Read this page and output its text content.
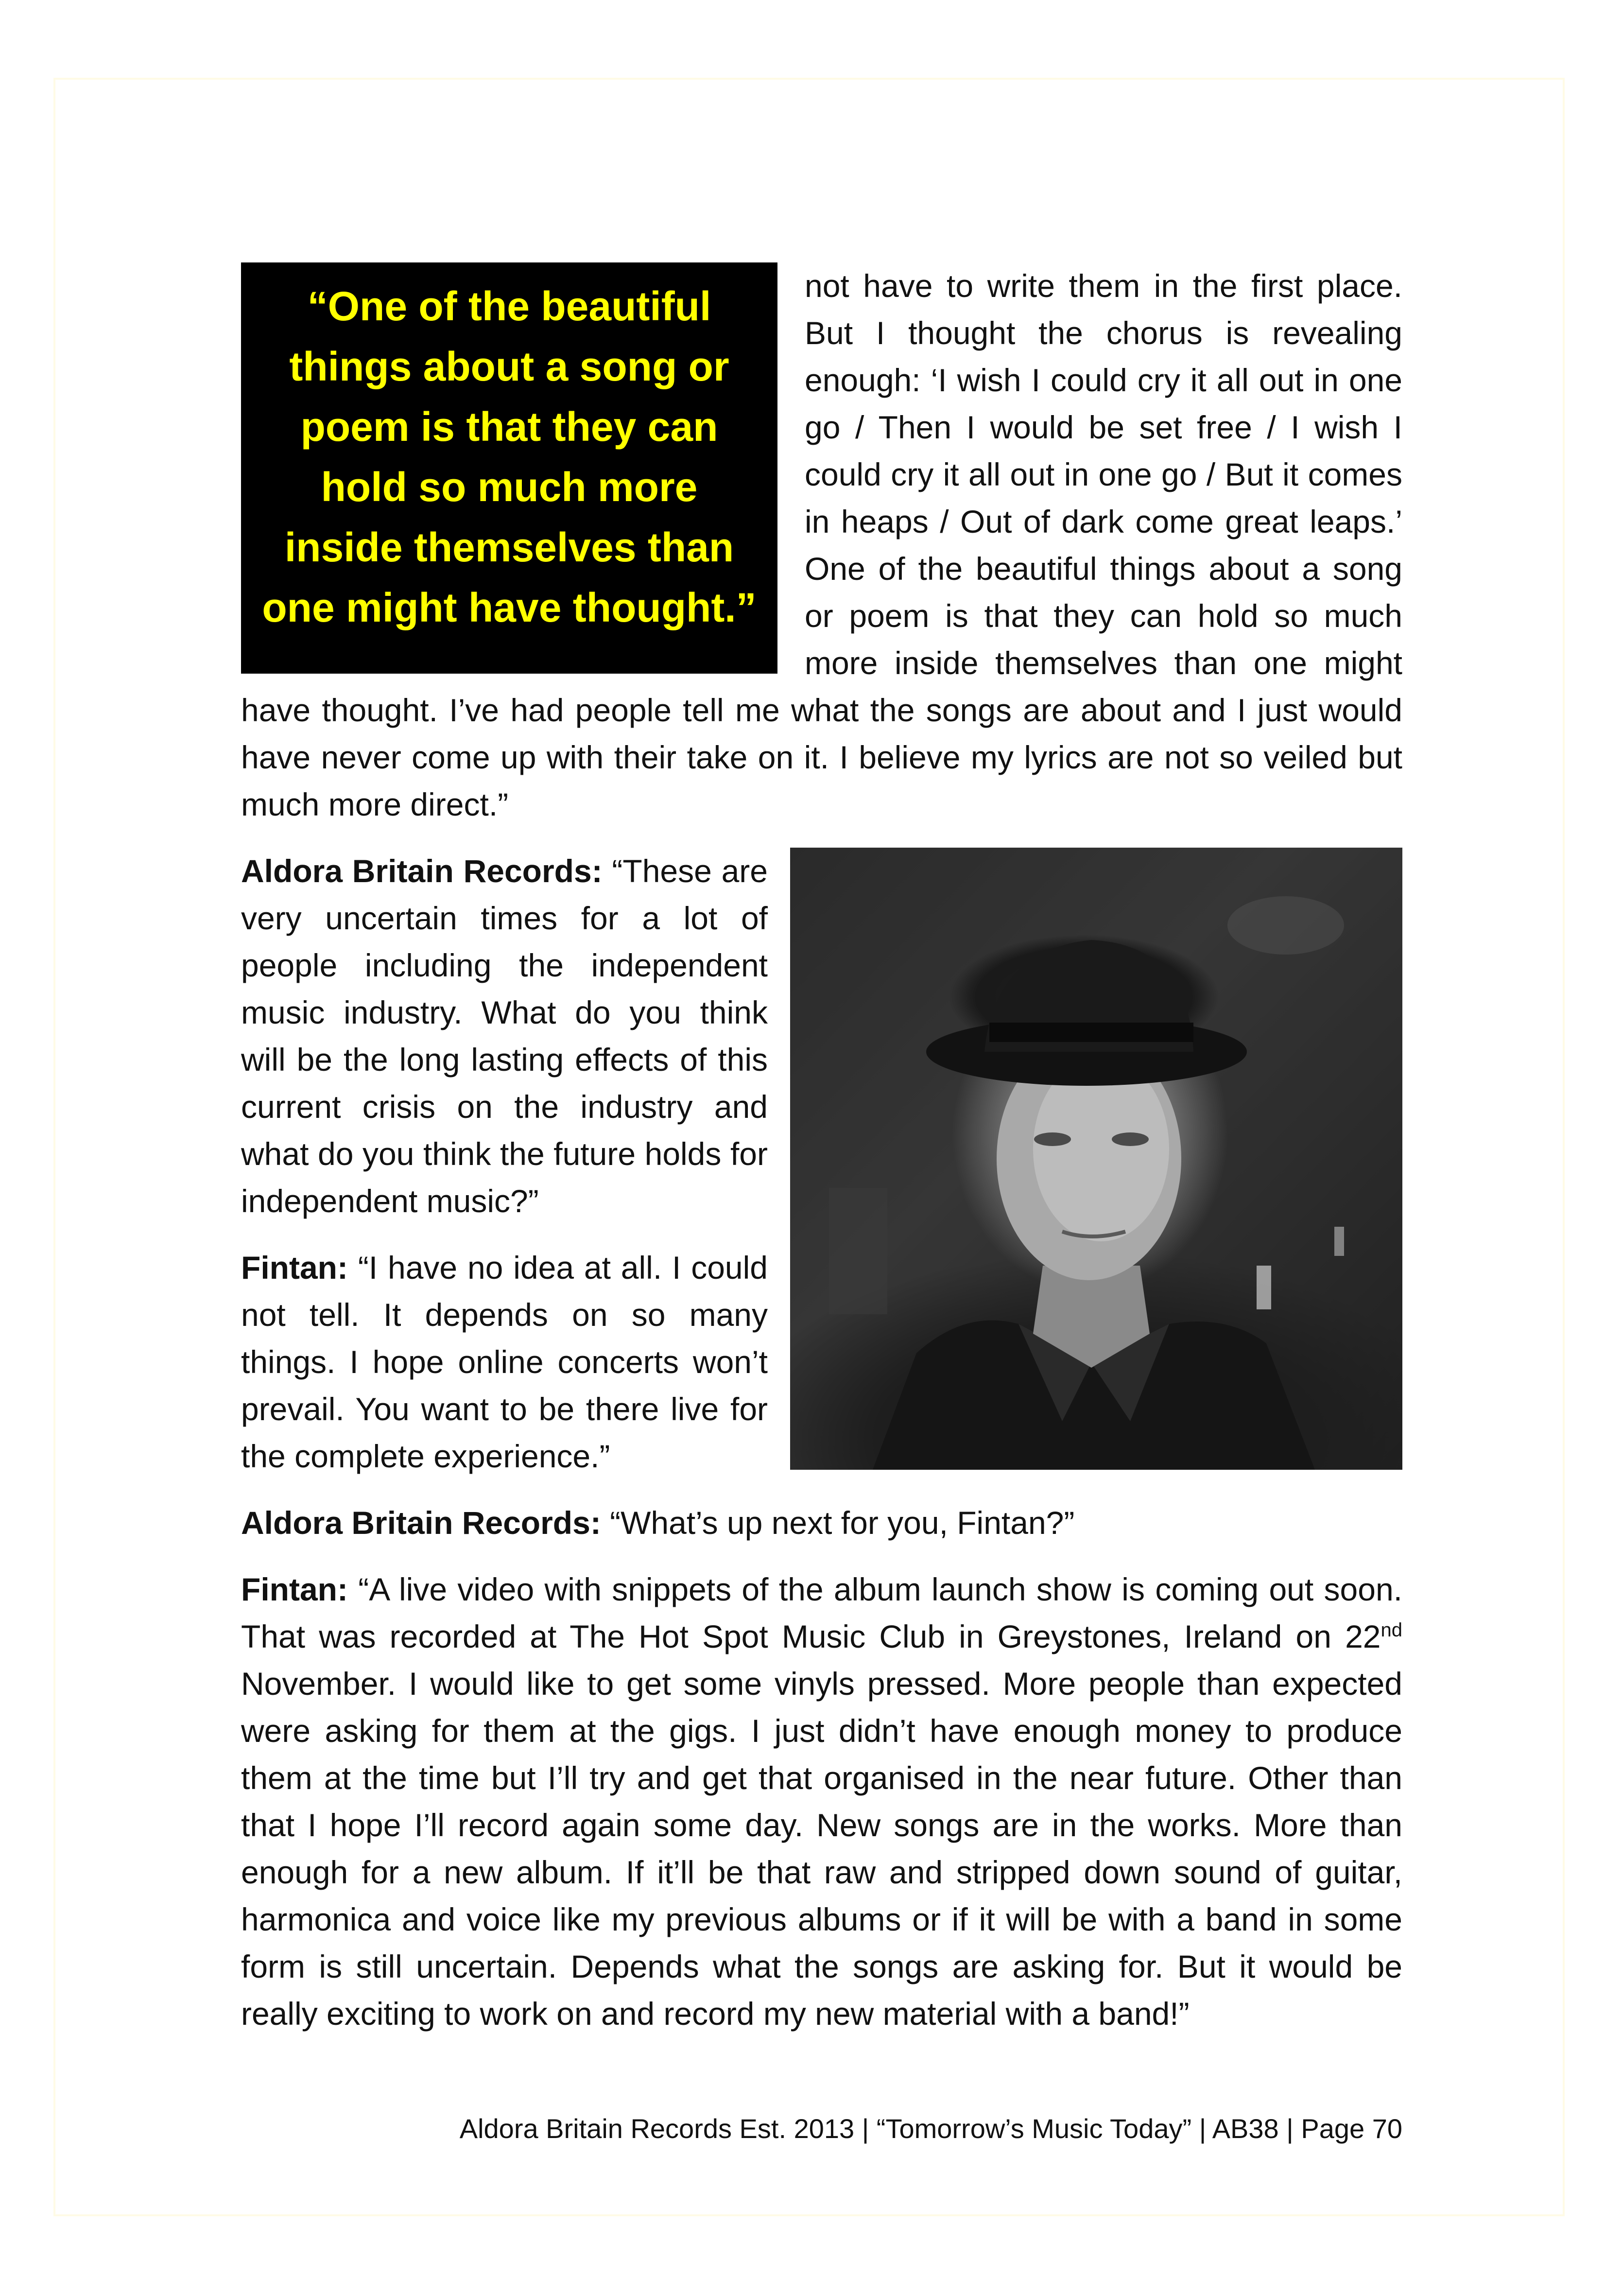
“One of the beautiful things about a song or poem is that they can hold so much more inside themselves than one might have thought.”

not have to write them in the first place. But I thought the chorus is revealing enough: ‘I wish I could cry it all out in one go / Then I would be set free / I wish I could cry it all out in one go / But it comes in heaps / Out of dark come great leaps.’ One of the beautiful things about a song or poem is that they can hold so much more inside themselves than one might have thought. I’ve had people tell me what the songs are about and I just would have never come up with their take on it. I believe my lyrics are not so veiled but much more direct.”

Aldora Britain Records: “These are very uncertain times for a lot of people including the independent music industry. What do you think will be the long lasting effects of this current crisis on the industry and what do you think the future holds for independent music?”

Fintan: “I have no idea at all. I could not tell. It depends on so many things. I hope online concerts won’t prevail. You want to be there live for the complete experience.”

Aldora Britain Records: “What’s up next for you, Fintan?”

Fintan: “A live video with snippets of the album launch show is coming out soon. That was recorded at The Hot Spot Music Club in Greystones, Ireland on 22nd November. I would like to get some vinyls pressed. More people than expected were asking for them at the gigs. I just didn’t have enough money to produce them at the time but I’ll try and get that organised in the near future. Other than that I hope I’ll record again some day. New songs are in the works. More than enough for a new album. If it’ll be that raw and stripped down sound of guitar, harmonica and voice like my previous albums or if it will be with a band in some form is still uncertain. Depends what the songs are asking for. But it would be really exciting to work on and record my new material with a band!”

Aldora Britain Records Est. 2013 | “Tomorrow’s Music Today” | AB38 | Page 70
